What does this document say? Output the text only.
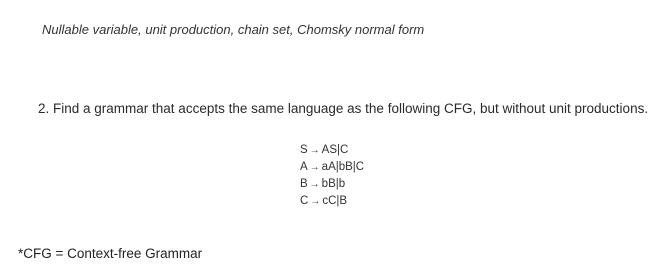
Nullable variable, unit production, chain set, Chomsky normal form
2. Find a grammar that accepts the same language as the following CFG, but without unit productions.
S → AS|C
A → aA|bB|C
B → bB|b
C → cC|B
*CFG = Context-free Grammar
